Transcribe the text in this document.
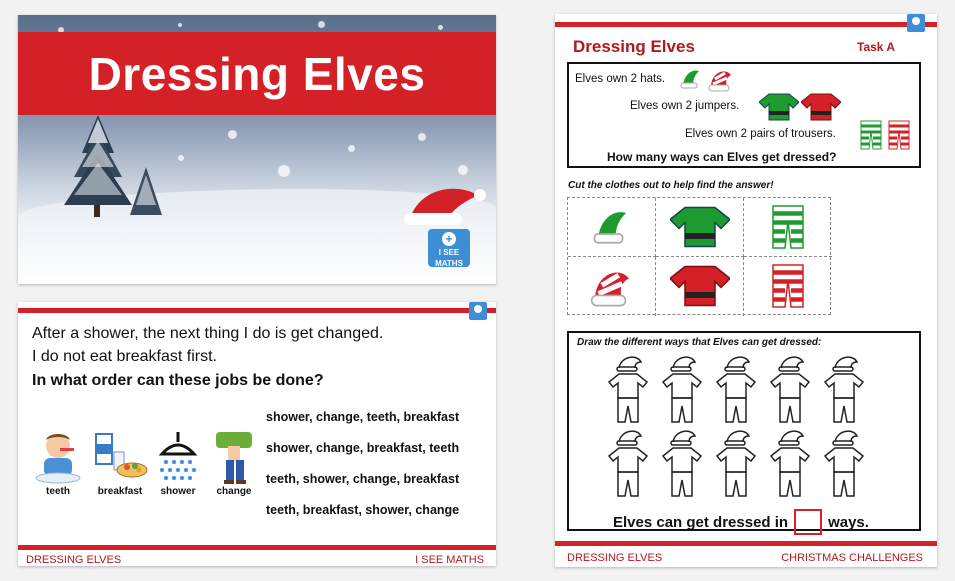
Dressing Elves
+
I SEE
MATHS
After a shower, the next thing I do is get changed.
I do not eat breakfast first.
In what order can these jobs be done?
teeth	breakfast	shower	change
shower, change, teeth, breakfast
shower, change, breakfast, teeth
teeth, shower, change, breakfast
teeth, breakfast, shower, change
DRESSING ELVES	I SEE MATHS
Dressing Elves	Task A
Elves own 2 hats.
Elves own 2 jumpers.
Elves own 2 pairs of trousers.
How many ways can Elves get dressed?
Cut the clothes out to help find the answer!
Draw the different ways that Elves can get dressed:
Elves can get dressed in	ways.
DRESSING ELVES	CHRISTMAS CHALLENGES
